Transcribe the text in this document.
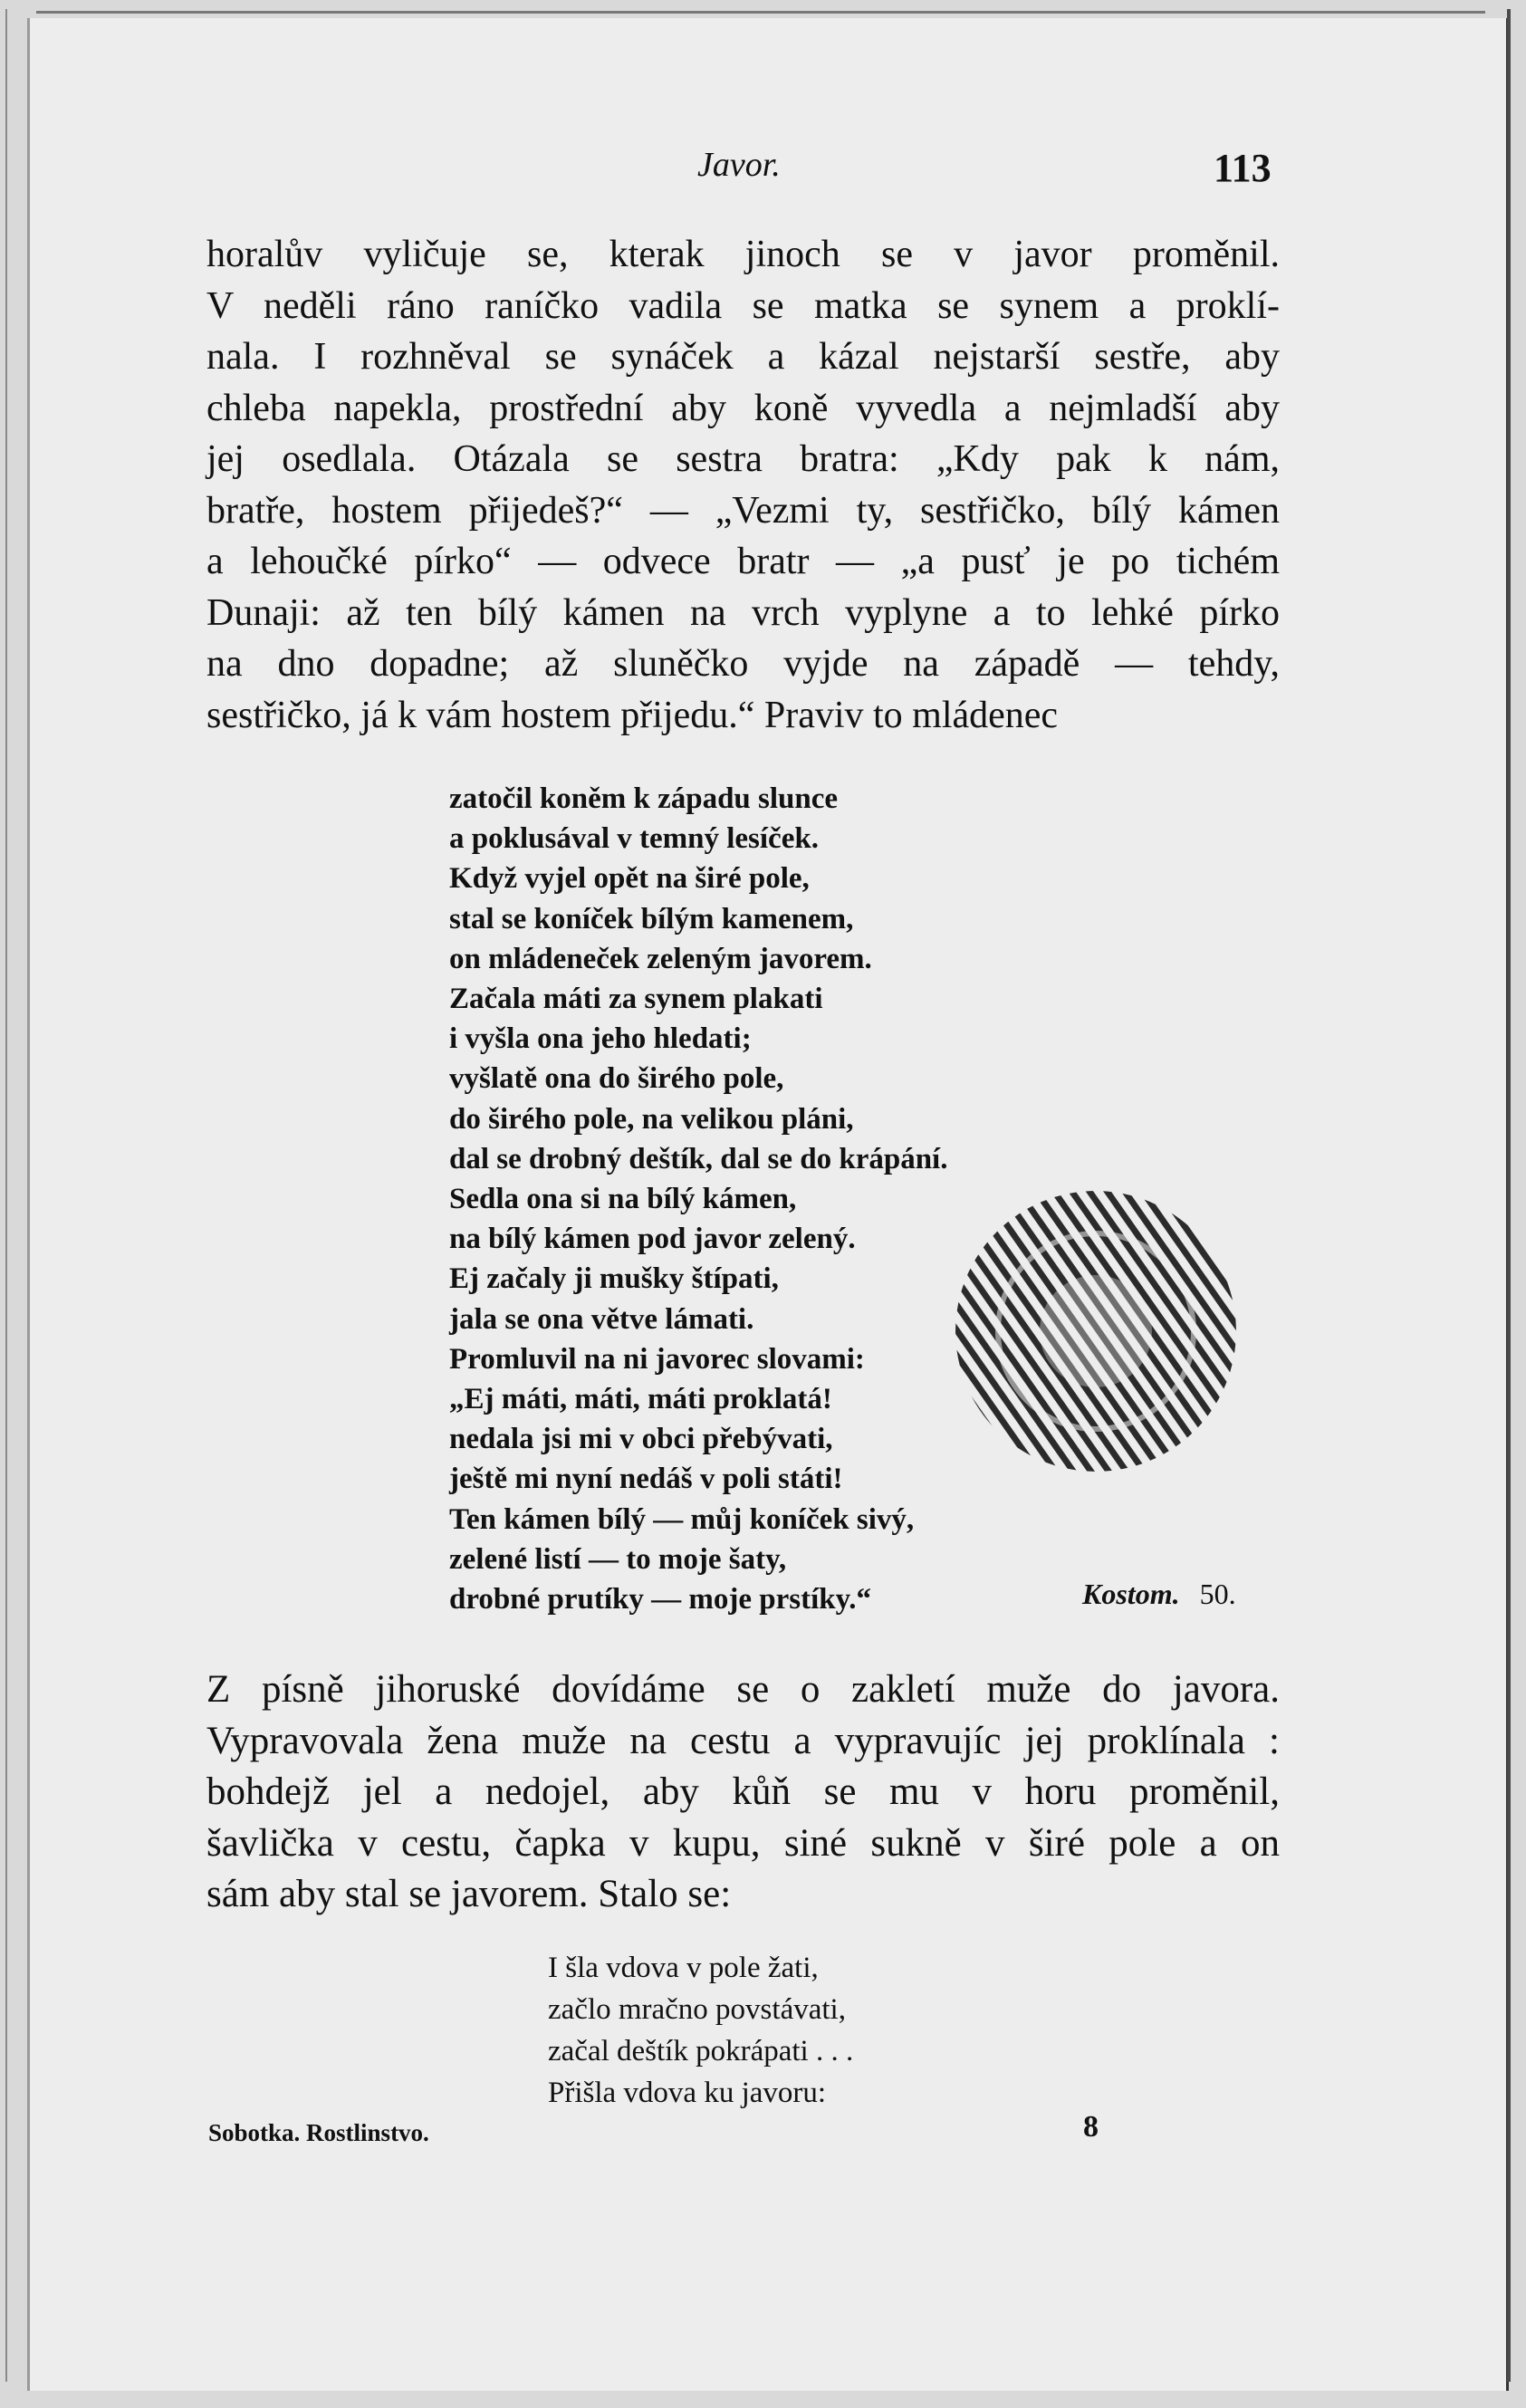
Javor.	113
horalův vyličuje se, kterak jinoch se v javor proměnil.
V neděli ráno raníčko vadila se matka se synem a proklí-
nala. I rozhněval se synáček a kázal nejstarší sestře, aby
chleba napekla, prostřední aby koně vyvedla a nejmladší aby
jej osedlala. Otázala se sestra bratra: „Kdy pak k nám,
bratře, hostem přijedeš?“ — „Vezmi ty, sestřičko, bílý kámen
a lehoučké pírko“ — odvece bratr — „a pusť je po tichém
Dunaji: až ten bílý kámen na vrch vyplyne a to lehké pírko
na dno dopadne; až sluněčko vyjde na západě — tehdy,
sestřičko, já k vám hostem přijedu.“ Praviv to mládenec
zatočil koněm k západu slunce
a poklusával v temný lesíček.
Když vyjel opět na širé pole,
stal se koníček bílým kamenem,
on mládeneček zeleným javorem.
Začala máti za synem plakati
i vyšla ona jeho hledati;
vyšlatě ona do širého pole,
do širého pole, na velikou pláni,
dal se drobný deštík, dal se do krápání.
Sedla ona si na bílý kámen,
na bílý kámen pod javor zelený.
Ej začaly ji mušky štípati,
jala se ona větve lámati.
Promluvil na ni javorec slovami:
„Ej máti, máti, máti proklatá!
nedala jsi mi v obci přebývati,
ještě mi nyní nedáš v poli státi!
Ten kámen bílý — můj koníček sivý,
zelené listí — to moje šaty,
drobné prutíky — moje prstíky.“	Kostom. 50.
Z písně jihoruské dovídáme se o zakletí muže do javora.
Vypravovala žena muže na cestu a vypravujíc jej proklínala :
bohdejž jel a nedojel, aby kůň se mu v horu proměnil,
šavlička v cestu, čapka v kupu, siné sukně v širé pole a on
sám aby stal se javorem. Stalo se:
I šla vdova v pole žati,
začlo mračno povstávati,
začal deštík pokrápati . . .
Přišla vdova ku javoru:
Sobotka. Rostlinstvo.	8
